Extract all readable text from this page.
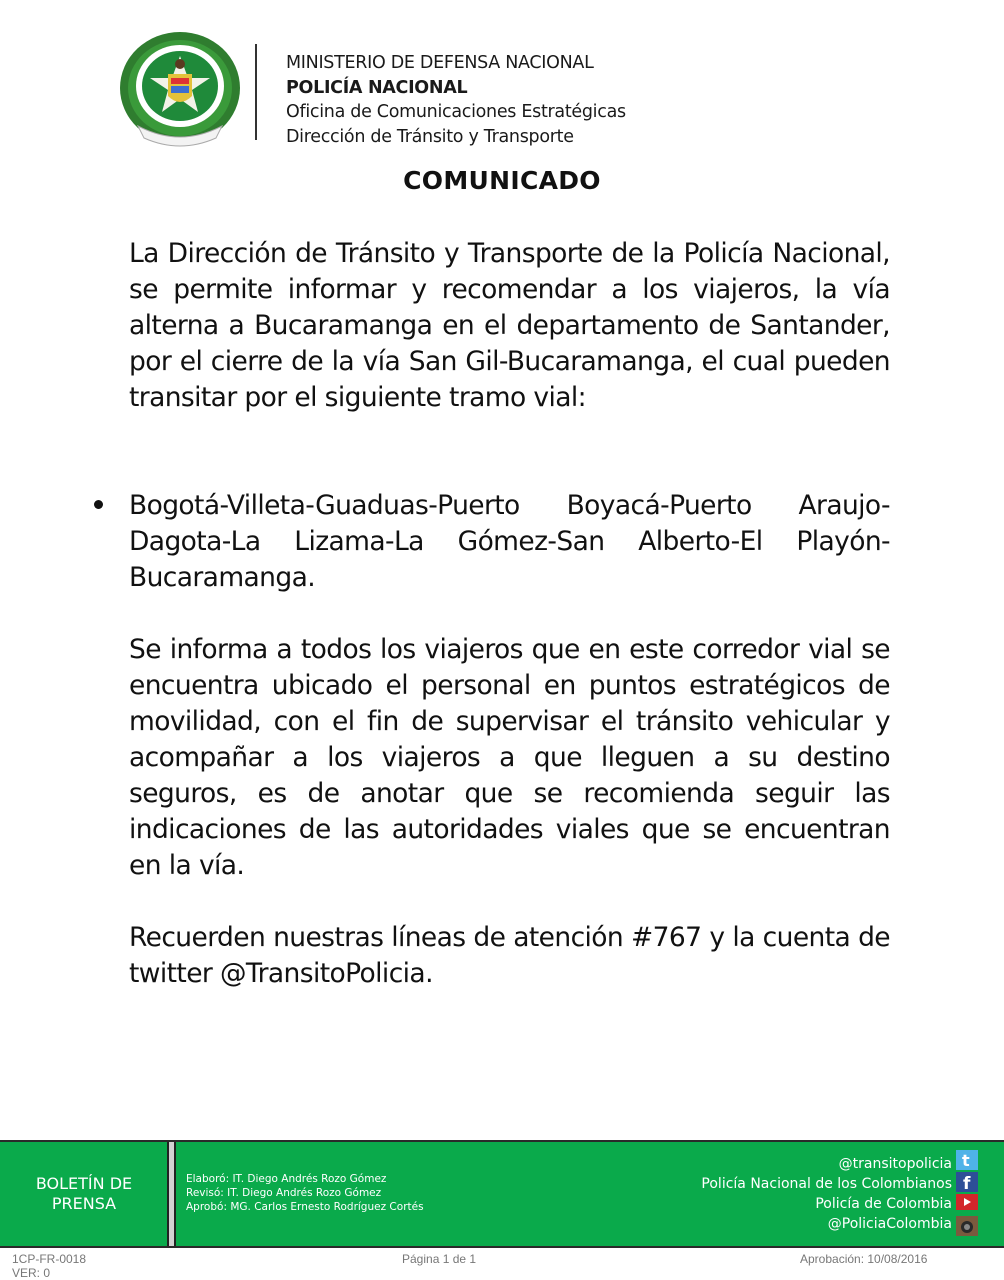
MINISTERIO DE DEFENSA NACIONAL
POLICÍA NACIONAL
Oficina de Comunicaciones Estratégicas
Dirección de Tránsito y Transporte
COMUNICADO
La Dirección de Tránsito y Transporte de la Policía Nacional, se permite informar y recomendar a los viajeros, la vía alterna a Bucaramanga en el departamento de Santander, por el cierre de la vía San Gil-Bucaramanga, el cual pueden transitar por el siguiente tramo vial:
Bogotá-Villeta-Guaduas-Puerto Boyacá-Puerto Araujo-Dagota-La Lizama-La Gómez-San Alberto-El Playón-Bucaramanga.
Se informa a todos los viajeros que en este corredor vial se encuentra ubicado el personal en puntos estratégicos de movilidad, con el fin de supervisar el tránsito vehicular y acompañar a los viajeros a que lleguen a su destino seguros, es de anotar que se recomienda seguir las indicaciones de las autoridades viales que se encuentran en la vía.
Recuerden nuestras líneas de atención #767 y la cuenta de twitter @TransitoPolicia.
BOLETÍN DE
PRENSA
Elaboró: IT. Diego Andrés Rozo Gómez
Revisó: IT. Diego Andrés Rozo Gómez
Aprobó: MG. Carlos Ernesto Rodríguez Cortés
@transitopolicia
Policía Nacional de los Colombianos
Policía de Colombia
@PoliciaColombia
t
f
1CP-FR-0018
VER: 0
Página 1 de 1	Aprobación: 10/08/2016
